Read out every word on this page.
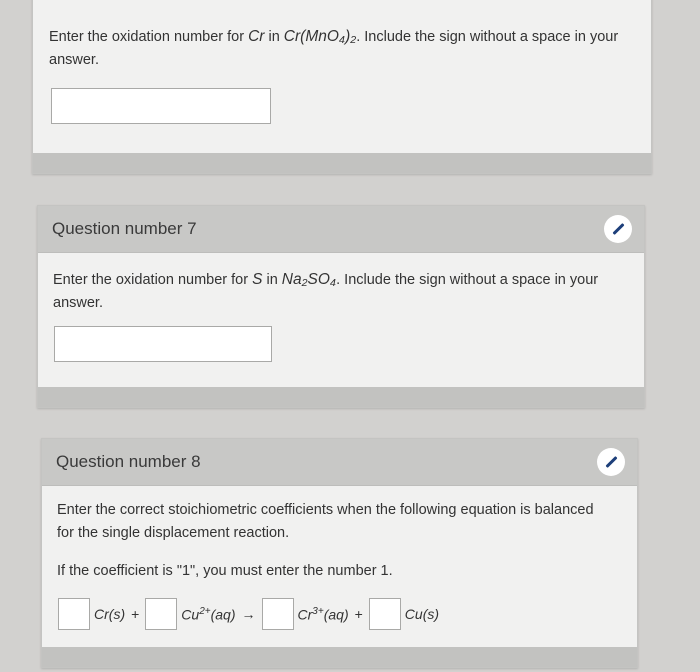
Enter the oxidation number for Cr in Cr(MnO₄)₂. Include the sign without a space in your answer.
Question number 7
Enter the oxidation number for S in Na₂SO₄. Include the sign without a space in your answer.
Question number 8
Enter the correct stoichiometric coefficients when the following equation is balanced for the single displacement reaction.
If the coefficient is "1", you must enter the number 1.
Cr(s) +	$Cu^{2+}(aq)$ →	$Cr^{3+}(aq)$ +	Cu(s)
